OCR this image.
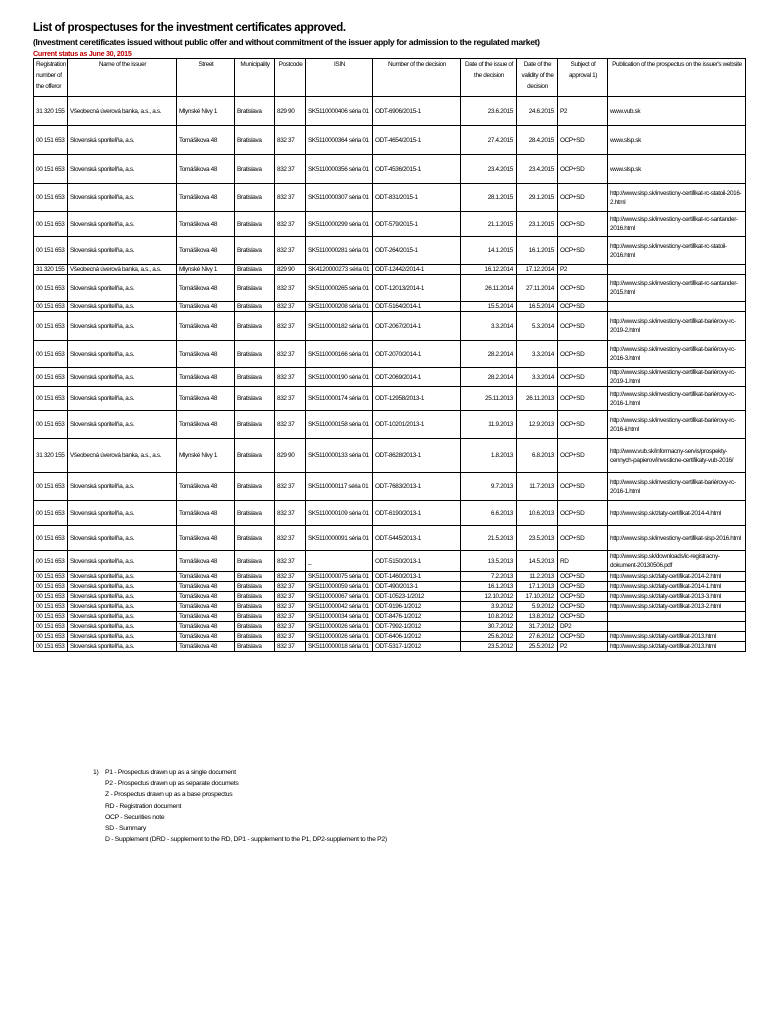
List of prospectuses for the investment certificates approved.
(Investment ceretificates issued without public offer and without commitment of the issuer apply for admission to the regulated market)
Current status as June 30, 2015
Registration number of the offeror	Name of the issuer	Street	Municipality	Postcode	ISIN	Number of the decision	Date of the issue of the decision	Date of the validity of the decision	Subject of approval 1)	Publication of the prospectus on the issuer's website
31 320 155	Všeobecná úverová banka, a.s., a.s.	Mlynské Nivy 1	Bratislava	829 90	SK5110000406 séria 01	ODT-6906/2015-1	23.6.2015	24.6.2015	P2	www.vub.sk
00 151 653	Slovenská sporiteľňa, a.s.	Tomášikova 48	Bratislava	832 37	SK5110000364 séria 01	ODT-4654/2015-1	27.4.2015	28.4.2015	OCP+SD	www.slsp.sk
00 151 653	Slovenská sporiteľňa, a.s.	Tomášikova 48	Bratislava	832 37	SK5110000356 séria 01	ODT-4536/2015-1	23.4.2015	23.4.2015	OCP+SD	www.slsp.sk
00 151 653	Slovenská sporiteľňa, a.s.	Tomášikova 48	Bratislava	832 37	SK5110000307 séria 01	ODT-831/2015-1	28.1.2015	29.1.2015	OCP+SD	http://www.slsp.sk/investicny-certifikat-rc-statoil-2016-2.html
00 151 653	Slovenská sporiteľňa, a.s.	Tomášikova 48	Bratislava	832 37	SK5110000299 séria 01	ODT-579/2015-1	21.1.2015	23.1.2015	OCP+SD	http://www.slsp.sk/investicny-certifikat-rc-santander-2016.html
00 151 653	Slovenská sporiteľňa, a.s.	Tomášikova 48	Bratislava	832 37	SK5110000281 séria 01	ODT-264/2015-1	14.1.2015	16.1.2015	OCP+SD	http://www.slsp.sk/investicny-certifikat-rc-statoil-2016.html
31 320 155	Všeobecná úverová banka, a.s., a.s.	Mlynské Nivy 1	Bratislava	829 90	SK4120000273 séria 01	ODT-12442/2014-1	16.12.2014	17.12.2014	P2	
00 151 653	Slovenská sporiteľňa, a.s.	Tomášikova 48	Bratislava	832 37	SK5110000265 séria 01	ODT-12013/2014-1	26.11.2014	27.11.2014	OCP+SD	http://www.slsp.sk/investicny-certifikat-rc-santander-2015.html
00 151 653	Slovenská sporiteľňa, a.s.	Tomášikova 48	Bratislava	832 37	SK5110000208 séria 01	ODT-5164/2014-1	15.5.2014	16.5.2014	OCP+SD	
00 151 653	Slovenská sporiteľňa, a.s.	Tomášikova 48	Bratislava	832 37	SK5110000182 séria 01	ODT-2067/2014-1	3.3.2014	5.3.2014	OCP+SD	http://www.slsp.sk/investicny-certifikat-bariérovy-rc-2019-2.html
00 151 653	Slovenská sporiteľňa, a.s.	Tomášikova 48	Bratislava	832 37	SK5110000166 séria 01	ODT-2070/2014-1	28.2.2014	3.3.2014	OCP+SD	http://www.slsp.sk/investicny-certifikat-bariérovy-rc-2016-3.html
00 151 653	Slovenská sporiteľňa, a.s.	Tomášikova 48	Bratislava	832 37	SK5110000190 séria 01	ODT-2069/2014-1	28.2.2014	3.3.2014	OCP+SD	http://www.slsp.sk/investicny-certifikat-bariérovy-rc-2019-1.html
00 151 653	Slovenská sporiteľňa, a.s.	Tomášikova 48	Bratislava	832 37	SK5110000174 séria 01	ODT-12958/2013-1	25.11.2013	26.11.2013	OCP+SD	http://www.slsp.sk/investicny-certifikat-bariérovy-rc-2016-1.html
00 151 653	Slovenská sporiteľňa, a.s.	Tomášikova 48	Bratislava	832 37	SK5110000158 séria 01	ODT-10201/2013-1	11.9.2013	12.9.2013	OCP+SD	http://www.slsp.sk/investicny-certifikat-bariérovy-rc-2016-ii.html
31 320 155	Všeobecná úverová banka, a.s., a.s.	Mlynské Nivy 1	Bratislava	829 90	SK5110000133 séria 01	ODT-8628/2013-1	1.8.2013	6.8.2013	OCP+SD	http://www.vub.sk/informacny-servis/prospekty-cennych-papierov/investicne-certifikaty-vub-2016/
00 151 653	Slovenská sporiteľňa, a.s.	Tomášikova 48	Bratislava	832 37	SK5110000117 séria 01	ODT-7683/2013-1	9.7.2013	11.7.2013	OCP+SD	http://www.slsp.sk/investicny-certifikat-bariérovy-rc-2016-1.html
00 151 653	Slovenská sporiteľňa, a.s.	Tomášikova 48	Bratislava	832 37	SK5110000109 séria 01	ODT-6190/2013-1	6.6.2013	10.6.2013	OCP+SD	http://www.slsp.sk/zlaty-certifikat-2014-4.html
00 151 653	Slovenská sporiteľňa, a.s.	Tomášikova 48	Bratislava	832 37	SK5110000091 séria 01	ODT-5445/2013-1	21.5.2013	23.5.2013	OCP+SD	http://www.slsp.sk/investicny-certifikat-slsp-2016.html
00 151 653	Slovenská sporiteľňa, a.s.	Tomášikova 48	Bratislava	832 37	_	ODT-5150/2013-1	13.5.2013	14.5.2013	RD	http://www.slsp.sk/downloads/ic-registracny-dokument-20130506.pdf
00 151 653	Slovenská sporiteľňa, a.s.	Tomášikova 48	Bratislava	832 37	SK5110000075 séria 01	ODT-1460/2013-1	7.2.2013	11.2.2013	OCP+SD	http://www.slsp.sk/zlaty-certifikat-2014-2.html
00 151 653	Slovenská sporiteľňa, a.s.	Tomášikova 48	Bratislava	832 37	SK5110000059 séria 01	ODT-490/2013-1	16.1.2013	17.1.2013	OCP+SD	http://www.slsp.sk/zlaty-certifikat-2014-1.html
00 151 653	Slovenská sporiteľňa, a.s.	Tomášikova 48	Bratislava	832 37	SK5110000067 séria 01	ODT-10523-1/2012	12.10.2012	17.10.2012	OCP+SD	http://www.slsp.sk/zlaty-certifikat-2013-3.html
00 151 653	Slovenská sporiteľňa, a.s.	Tomášikova 48	Bratislava	832 37	SK5110000042 séria 01	ODT-9196-1/2012	3.9.2012	5.9.2012	OCP+SD	http://www.slsp.sk/zlaty-certifikat-2013-2.html
00 151 653	Slovenská sporiteľňa, a.s.	Tomášikova 48	Bratislava	832 37	SK5110000034 séria 01	ODT-8476-1/2012	10.8.2012	13.8.2012	OCP+SD	
00 151 653	Slovenská sporiteľňa, a.s.	Tomášikova 48	Bratislava	832 37	SK5110000026 séria 01	ODT-7992-1/2012	30.7.2012	31.7.2012	DP2	
00 151 653	Slovenská sporiteľňa, a.s.	Tomášikova 48	Bratislava	832 37	SK5110000026 séria 01	ODT-6406-1/2012	25.6.2012	27.6.2012	OCP+SD	http://www.slsp.sk/zlaty-certifikat-2013.html
00 151 653	Slovenská sporiteľňa, a.s.	Tomášikova 48	Bratislava	832 37	SK5110000018 séria 01	ODT-5317-1/2012	23.5.2012	25.5.2012	P2	http://www.slsp.sk/zlaty-certifikat-2013.html
1) P1 - Prospectus drawn up as a single document
P2 - Prospectus drawn up as separate documets
Z - Prospectus drawn up as a base prospectus
RD - Registration document
OCP - Securities note
SD - Summary
D - Supplement (DRD - supplement to the RD, DP1 - supplement to the P1, DP2-supplement to the P2)
